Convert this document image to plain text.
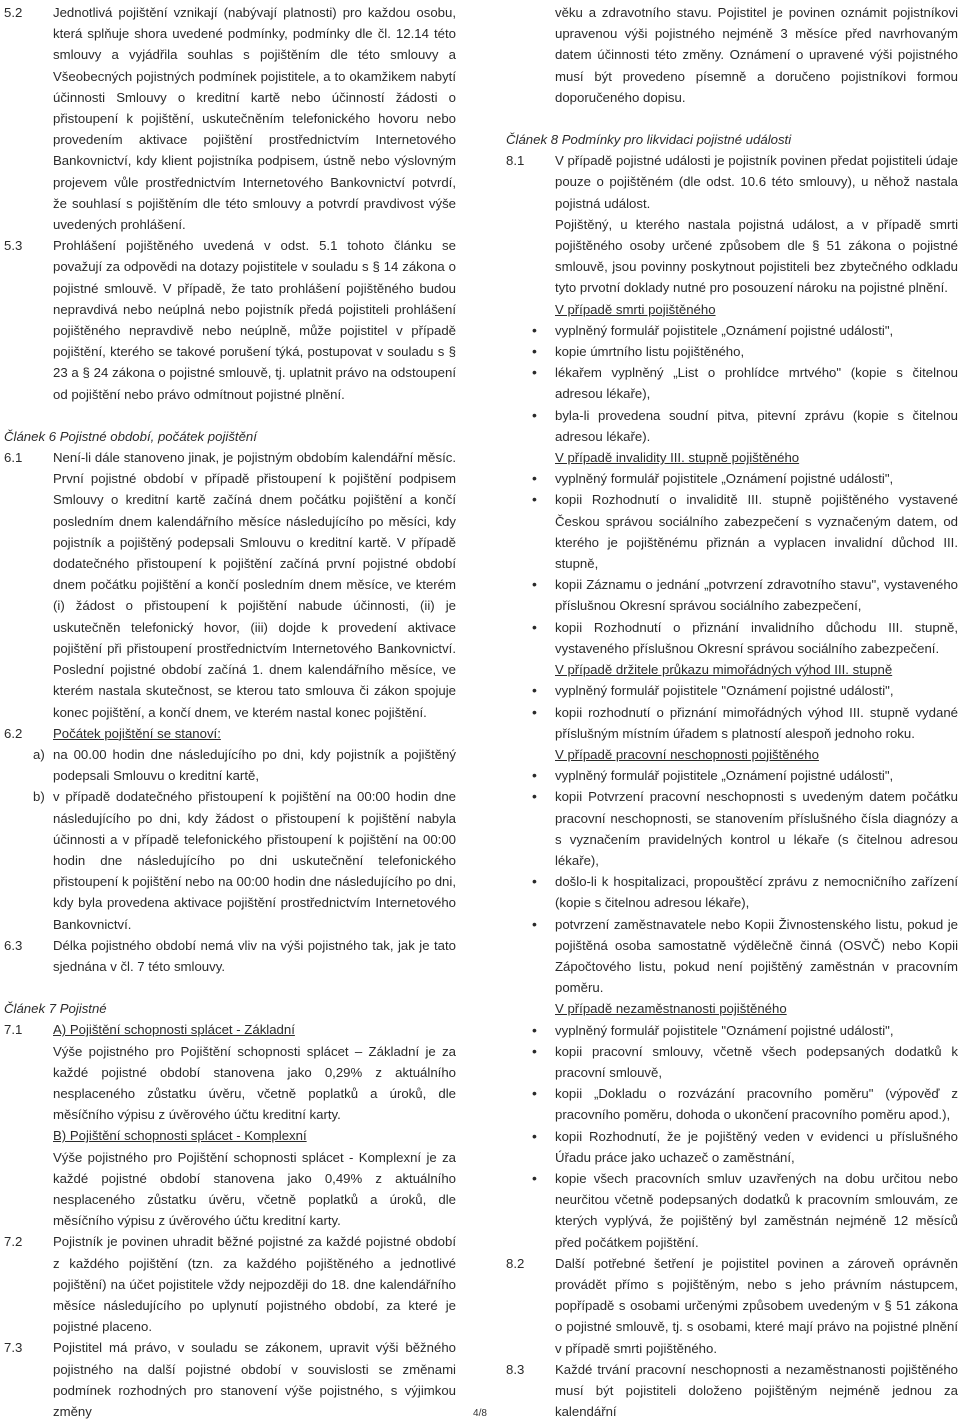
5.2 Jednotlivá pojištění vznikají (nabývají platnosti) pro každou osobu, která splňuje shora uvedené podmínky, podmínky dle čl. 12.14 této smlouvy a vyjádřila souhlas s pojištěním dle této smlouvy a Všeobecných pojistných podmínek pojistitele, a to okamžikem nabytí účinnosti Smlouvy o kreditní kartě nebo účinností žádosti o přistoupení k pojištění, uskutečněním telefonického hovoru nebo provedením aktivace pojištění prostřednictvím Internetového Bankovnictví, kdy klient pojistníka podpisem, ústně nebo výslovným projevem vůle prostřednictvím Internetového Bankovnictví potvrdí, že souhlasí s pojištěním dle této smlouvy a potvrdí pravdivost výše uvedených prohlášení.
5.3 Prohlášení pojištěného uvedená v odst. 5.1 tohoto článku se považují za odpovědi na dotazy pojistitele v souladu s § 14 zákona o pojistné smlouvě. V případě, že tato prohlášení pojištěného budou nepravdivá nebo neúplná nebo pojistník předá pojistiteli prohlášení pojištěného nepravdivě nebo neúplně, může pojistitel v případě pojištění, kterého se takové porušení týká, postupovat v souladu s § 23 a § 24 zákona o pojistné smlouvě, tj. uplatnit právo na odstoupení od pojištění nebo právo odmítnout pojistné plnění.

Článek 6 Pojistné období, počátek pojištění

6.1 Není-li dále stanoveno jinak, je pojistným obdobím kalendářní měsíc. První pojistné období v případě přistoupení k pojištění podpisem Smlouvy o kreditní kartě začíná dnem počátku pojištění a končí posledním dnem kalendářního měsíce následujícího po měsíci, kdy pojistník a pojištěný podepsali Smlouvu o kreditní kartě. V případě dodatečného přistoupení k pojištění začíná první pojistné období dnem počátku pojištění a končí posledním dnem měsíce, ve kterém (i) žádost o přistoupení k pojištění nabude účinnosti, (ii) je uskutečněn telefonický hovor, (iii) dojde k provedení aktivace pojištění při přistoupení prostřednictvím Internetového Bankovnictví. Poslední pojistné období začíná 1. dnem kalendářního měsíce, ve kterém nastala skutečnost, se kterou tato smlouva či zákon spojuje konec pojištění, a končí dnem, ve kterém nastal konec pojištění.
6.2 Počátek pojištění se stanoví:
a) na 00.00 hodin dne následujícího po dni, kdy pojistník a pojištěný podepsali Smlouvu o kreditní kartě,
b) v případě dodatečného přistoupení k pojištění na 00:00 hodin dne následujícího po dni, kdy žádost o přistoupení k pojištění nabyla účinnosti a v případě telefonického přistoupení k pojištění na 00:00 hodin dne následujícího po dni uskutečnění telefonického přistoupení k pojištění nebo na 00:00 hodin dne následujícího po dni, kdy byla provedena aktivace pojištění prostřednictvím Internetového Bankovnictví.
6.3 Délka pojistného období nemá vliv na výši pojistného tak, jak je tato sjednána v čl. 7 této smlouvy.

Článek 7 Pojistné

7.1 A) Pojištění schopnosti splácet - Základní
Výše pojistného pro Pojištění schopnosti splácet – Základní je za každé pojistné období stanovena jako 0,29% z aktuálního nesplaceného zůstatku úvěru, včetně poplatků a úroků, dle měsíčního výpisu z úvěrového účtu kreditní karty.
B) Pojištění schopnosti splácet - Komplexní
Výše pojistného pro Pojištění schopnosti splácet - Komplexní je za každé pojistné období stanovena jako 0,49% z aktuálního nesplaceného zůstatku úvěru, včetně poplatků a úroků, dle měsíčního výpisu z úvěrového účtu kreditní karty.
7.2 Pojistník je povinen uhradit běžné pojistné za každé pojistné období z každého pojištění (tzn. za každého pojištěného a jednotlivé pojištění) na účet pojistitele vždy nejpozději do 18. dne kalendářního měsíce následujícího po uplynutí pojistného období, za které je pojistné placeno.
7.3 Pojistitel má právo, v souladu se zákonem, upravit výši běžného pojistného na další pojistné období v souvislosti se změnami podmínek rozhodných pro stanovení výše pojistného, s výjimkou změny

věku a zdravotního stavu. Pojistitel je povinen oznámit pojistníkovi upravenou výši pojistného nejméně 3 měsíce před navrhovaným datem účinnosti této změny. Oznámení o upravené výši pojistného musí být provedeno písemně a doručeno pojistníkovi formou doporučeného dopisu.

Článek 8 Podmínky pro likvidaci pojistné události

8.1 V případě pojistné události je pojistník povinen předat pojistiteli údaje pouze o pojištěném (dle odst. 10.6 této smlouvy), u něhož nastala pojistná událost.
Pojištěný, u kterého nastala pojistná událost, a v případě smrti pojištěného osoby určené způsobem dle § 51 zákona o pojistné smlouvě, jsou povinny poskytnout pojistiteli bez zbytečného odkladu tyto prvotní doklady nutné pro posouzení nároku na pojistné plnění.

V případě smrti pojištěného

• vyplněný formulář pojistitele „Oznámení pojistné události",

• kopie úmrtního listu pojištěného,

• lékařem vyplněný „List o prohlídce mrtvého" (kopie s čitelnou adresou lékaře),

• byla-li provedena soudní pitva, pitevní zprávu (kopie s čitelnou adresou lékaře).

V případě invalidity III. stupně pojištěného

• vyplněný formulář pojistitele „Oznámení pojistné události",

• kopii Rozhodnutí o invaliditě III. stupně pojištěného vystavené Českou správou sociálního zabezpečení s vyznačeným datem, od kterého je pojištěnému přiznán a vyplacen invalidní důchod III. stupně,

• kopii Záznamu o jednání „potvrzení zdravotního stavu", vystaveného příslušnou Okresní správou sociálního zabezpečení,

• kopii Rozhodnutí o přiznání invalidního důchodu III. stupně, vystaveného příslušnou Okresní správou sociálního zabezpečení.

V případě držitele průkazu mimořádných výhod III. stupně

• vyplněný formulář pojistitele "Oznámení pojistné události",

• kopii rozhodnutí o přiznání mimořádných výhod III. stupně vydané příslušným místním úřadem s platností alespoň jednoho roku.

V případě pracovní neschopnosti pojištěného

• vyplněný formulář pojistitele „Oznámení pojistné události",

• kopii Potvrzení pracovní neschopnosti s uvedeným datem počátku pracovní neschopnosti, se stanovením příslušného čísla diagnózy a s vyznačením pravidelných kontrol u lékaře (s čitelnou adresou lékaře),

• došlo-li k hospitalizaci, propouštěcí zprávu z nemocničního zařízení (kopie s čitelnou adresou lékaře),

• potvrzení zaměstnavatele nebo Kopii Živnostenského listu, pokud je pojištěná osoba samostatně výdělečně činná (OSVČ) nebo Kopii Zápočtového listu, pokud není pojištěný zaměstnán v pracovním poměru.

V případě nezaměstnanosti pojištěného

• vyplněný formulář pojistitele "Oznámení pojistné události",

• kopii pracovní smlouvy, včetně všech podepsaných dodatků k pracovní smlouvě,

• kopii „Dokladu o rozvázání pracovního poměru" (výpověď z pracovního poměru, dohoda o ukončení pracovního poměru apod.),

• kopii Rozhodnutí, že je pojištěný veden v evidenci u příslušného Úřadu práce jako uchazeč o zaměstnání,

• kopie všech pracovních smluv uzavřených na dobu určitou nebo neurčitou včetně podepsaných dodatků k pracovním smlouvám, ze kterých vyplývá, že pojištěný byl zaměstnán nejméně 12 měsíců před počátkem pojištění.

8.2 Další potřebné šetření je pojistitel povinen a zároveň oprávněn provádět přímo s pojištěným, nebo s jeho právním nástupcem, popřípadě s osobami určenými způsobem uvedeným v § 51 zákona o pojistné smlouvě, tj. s osobami, které mají právo na pojistné plnění v případě smrti pojištěného.
8.3 Každé trvání pracovní neschopnosti a nezaměstnanosti pojištěného musí být pojistiteli doloženo pojištěným nejméně jednou za kalendářní
4/8
